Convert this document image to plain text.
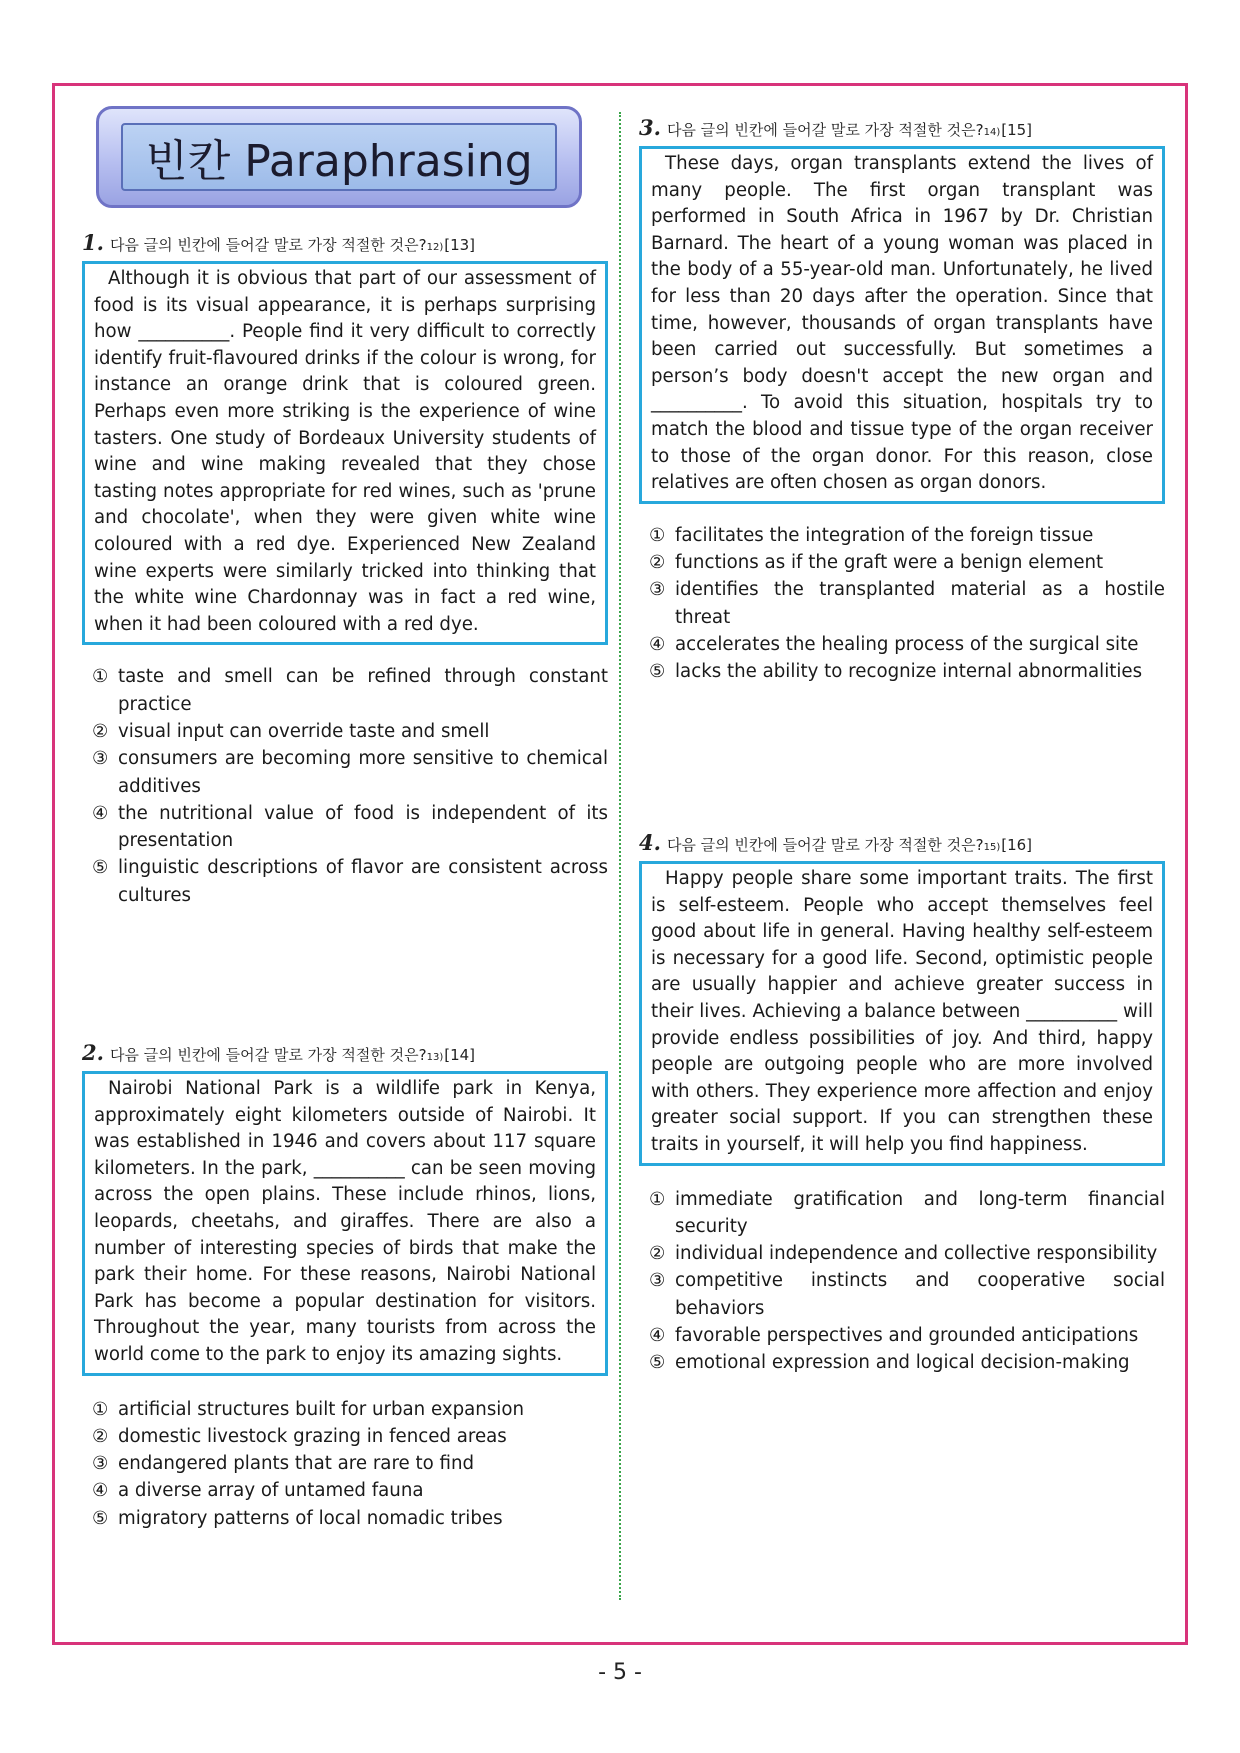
빈칸 Paraphrasing
1. 다음 글의 빈칸에 들어갈 말로 가장 적절한 것은? 12) [13]
Although it is obvious that part of our assessment of food is its visual appearance, it is perhaps surprising how __________. People find it very difficult to correctly identify fruit-flavoured drinks if the colour is wrong, for instance an orange drink that is coloured green. Perhaps even more striking is the experience of wine tasters. One study of Bordeaux University students of wine and wine making revealed that they chose tasting notes appropriate for red wines, such as 'prune and chocolate', when they were given white wine coloured with a red dye. Experienced New Zealand wine experts were similarly tricked into thinking that the white wine Chardonnay was in fact a red wine, when it had been coloured with a red dye.
① taste and smell can be refined through constant practice
② visual input can override taste and smell
③ consumers are becoming more sensitive to chemical additives
④ the nutritional value of food is independent of its presentation
⑤ linguistic descriptions of flavor are consistent across cultures
2. 다음 글의 빈칸에 들어갈 말로 가장 적절한 것은? 13) [14]
Nairobi National Park is a wildlife park in Kenya, approximately eight kilometers outside of Nairobi. It was established in 1946 and covers about 117 square kilometers. In the park, __________ can be seen moving across the open plains. These include rhinos, lions, leopards, cheetahs, and giraffes. There are also a number of interesting species of birds that make the park their home. For these reasons, Nairobi National Park has become a popular destination for visitors. Throughout the year, many tourists from across the world come to the park to enjoy its amazing sights.
① artificial structures built for urban expansion
② domestic livestock grazing in fenced areas
③ endangered plants that are rare to find
④ a diverse array of untamed fauna
⑤ migratory patterns of local nomadic tribes
3. 다음 글의 빈칸에 들어갈 말로 가장 적절한 것은? 14) [15]
These days, organ transplants extend the lives of many people. The first organ transplant was performed in South Africa in 1967 by Dr. Christian Barnard. The heart of a young woman was placed in the body of a 55-year-old man. Unfortunately, he lived for less than 20 days after the operation. Since that time, however, thousands of organ transplants have been carried out successfully. But sometimes a person’s body doesn't accept the new organ and __________. To avoid this situation, hospitals try to match the blood and tissue type of the organ receiver to those of the organ donor. For this reason, close relatives are often chosen as organ donors.
① facilitates the integration of the foreign tissue
② functions as if the graft were a benign element
③ identifies the transplanted material as a hostile threat
④ accelerates the healing process of the surgical site
⑤ lacks the ability to recognize internal abnormalities
4. 다음 글의 빈칸에 들어갈 말로 가장 적절한 것은? 15) [16]
Happy people share some important traits. The first is self-esteem. People who accept themselves feel good about life in general. Having healthy self-esteem is necessary for a good life. Second, optimistic people are usually happier and achieve greater success in their lives. Achieving a balance between __________ will provide endless possibilities of joy. And third, happy people are outgoing people who are more involved with others. They experience more affection and enjoy greater social support. If you can strengthen these traits in yourself, it will help you find happiness.
① immediate gratification and long-term financial security
② individual independence and collective responsibility
③ competitive instincts and cooperative social behaviors
④ favorable perspectives and grounded anticipations
⑤ emotional expression and logical decision-making
- 5 -
